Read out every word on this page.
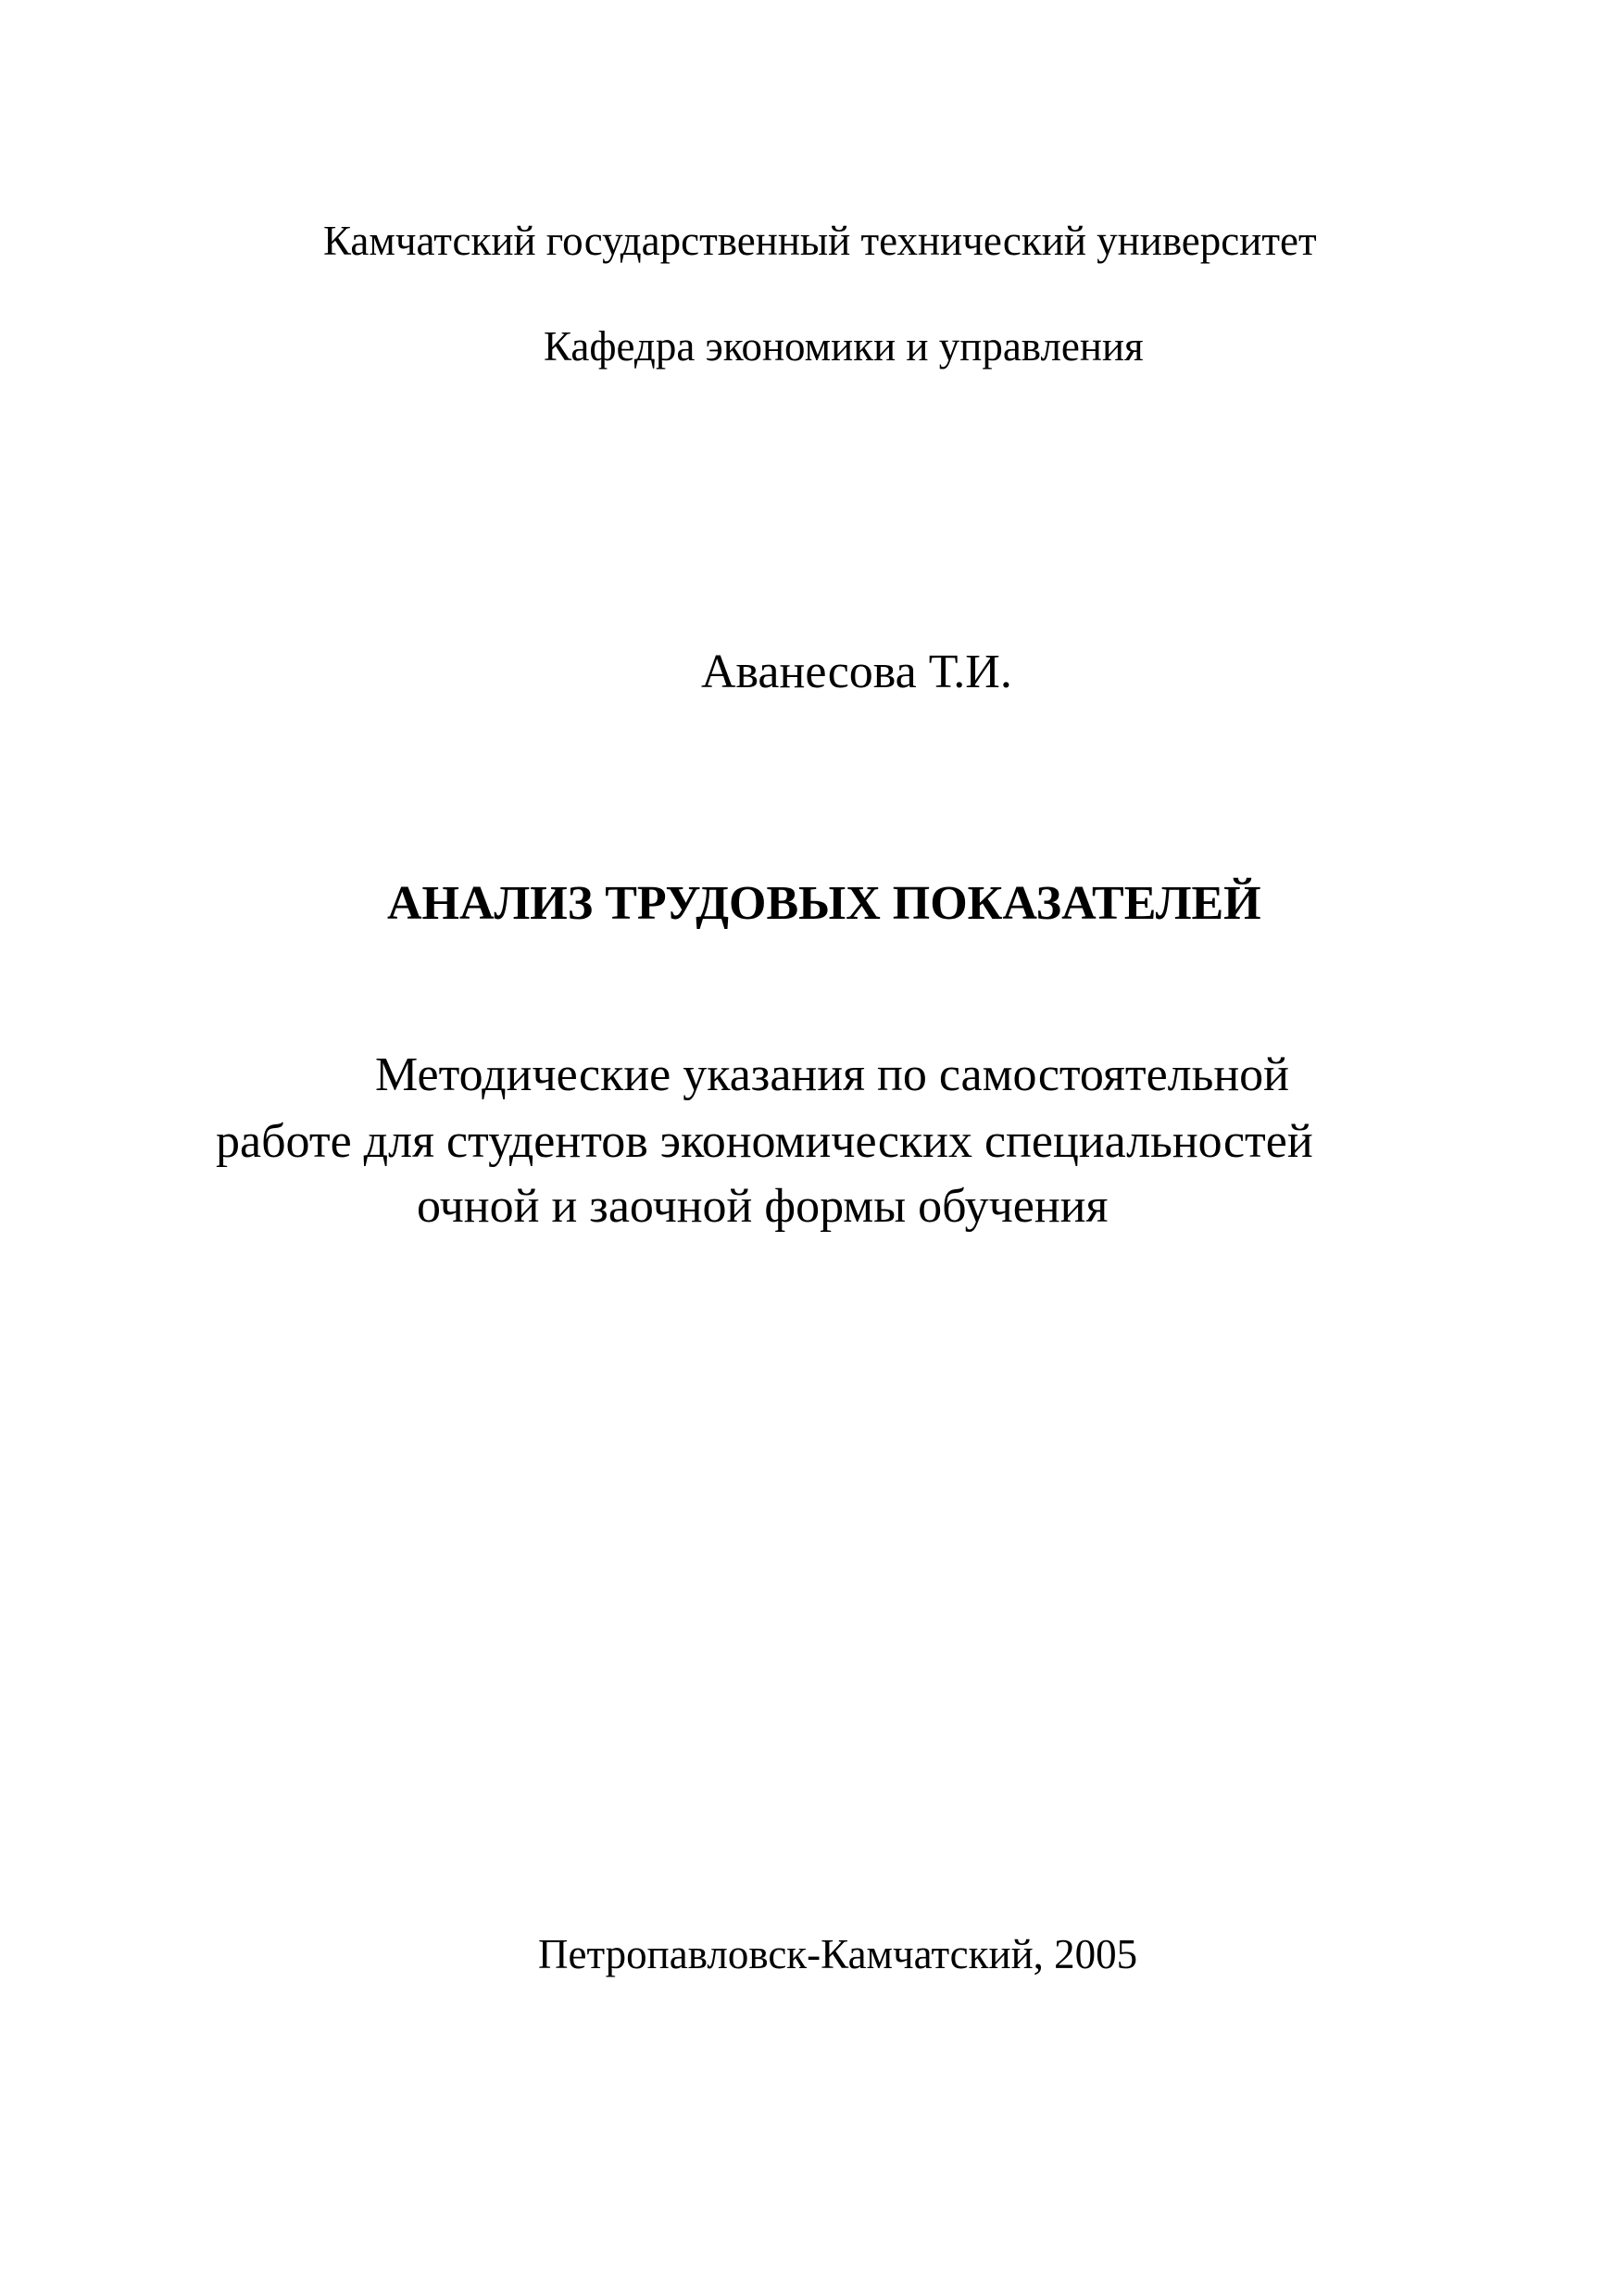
Камчатский государственный технический университет
Кафедра экономики и управления
Аванесова Т.И.
АНАЛИЗ ТРУДОВЫХ ПОКАЗАТЕЛЕЙ
Методические указания по самостоятельной
работе для студентов экономических специальностей
очной и заочной формы обучения
Петропавловск-Камчатский, 2005
